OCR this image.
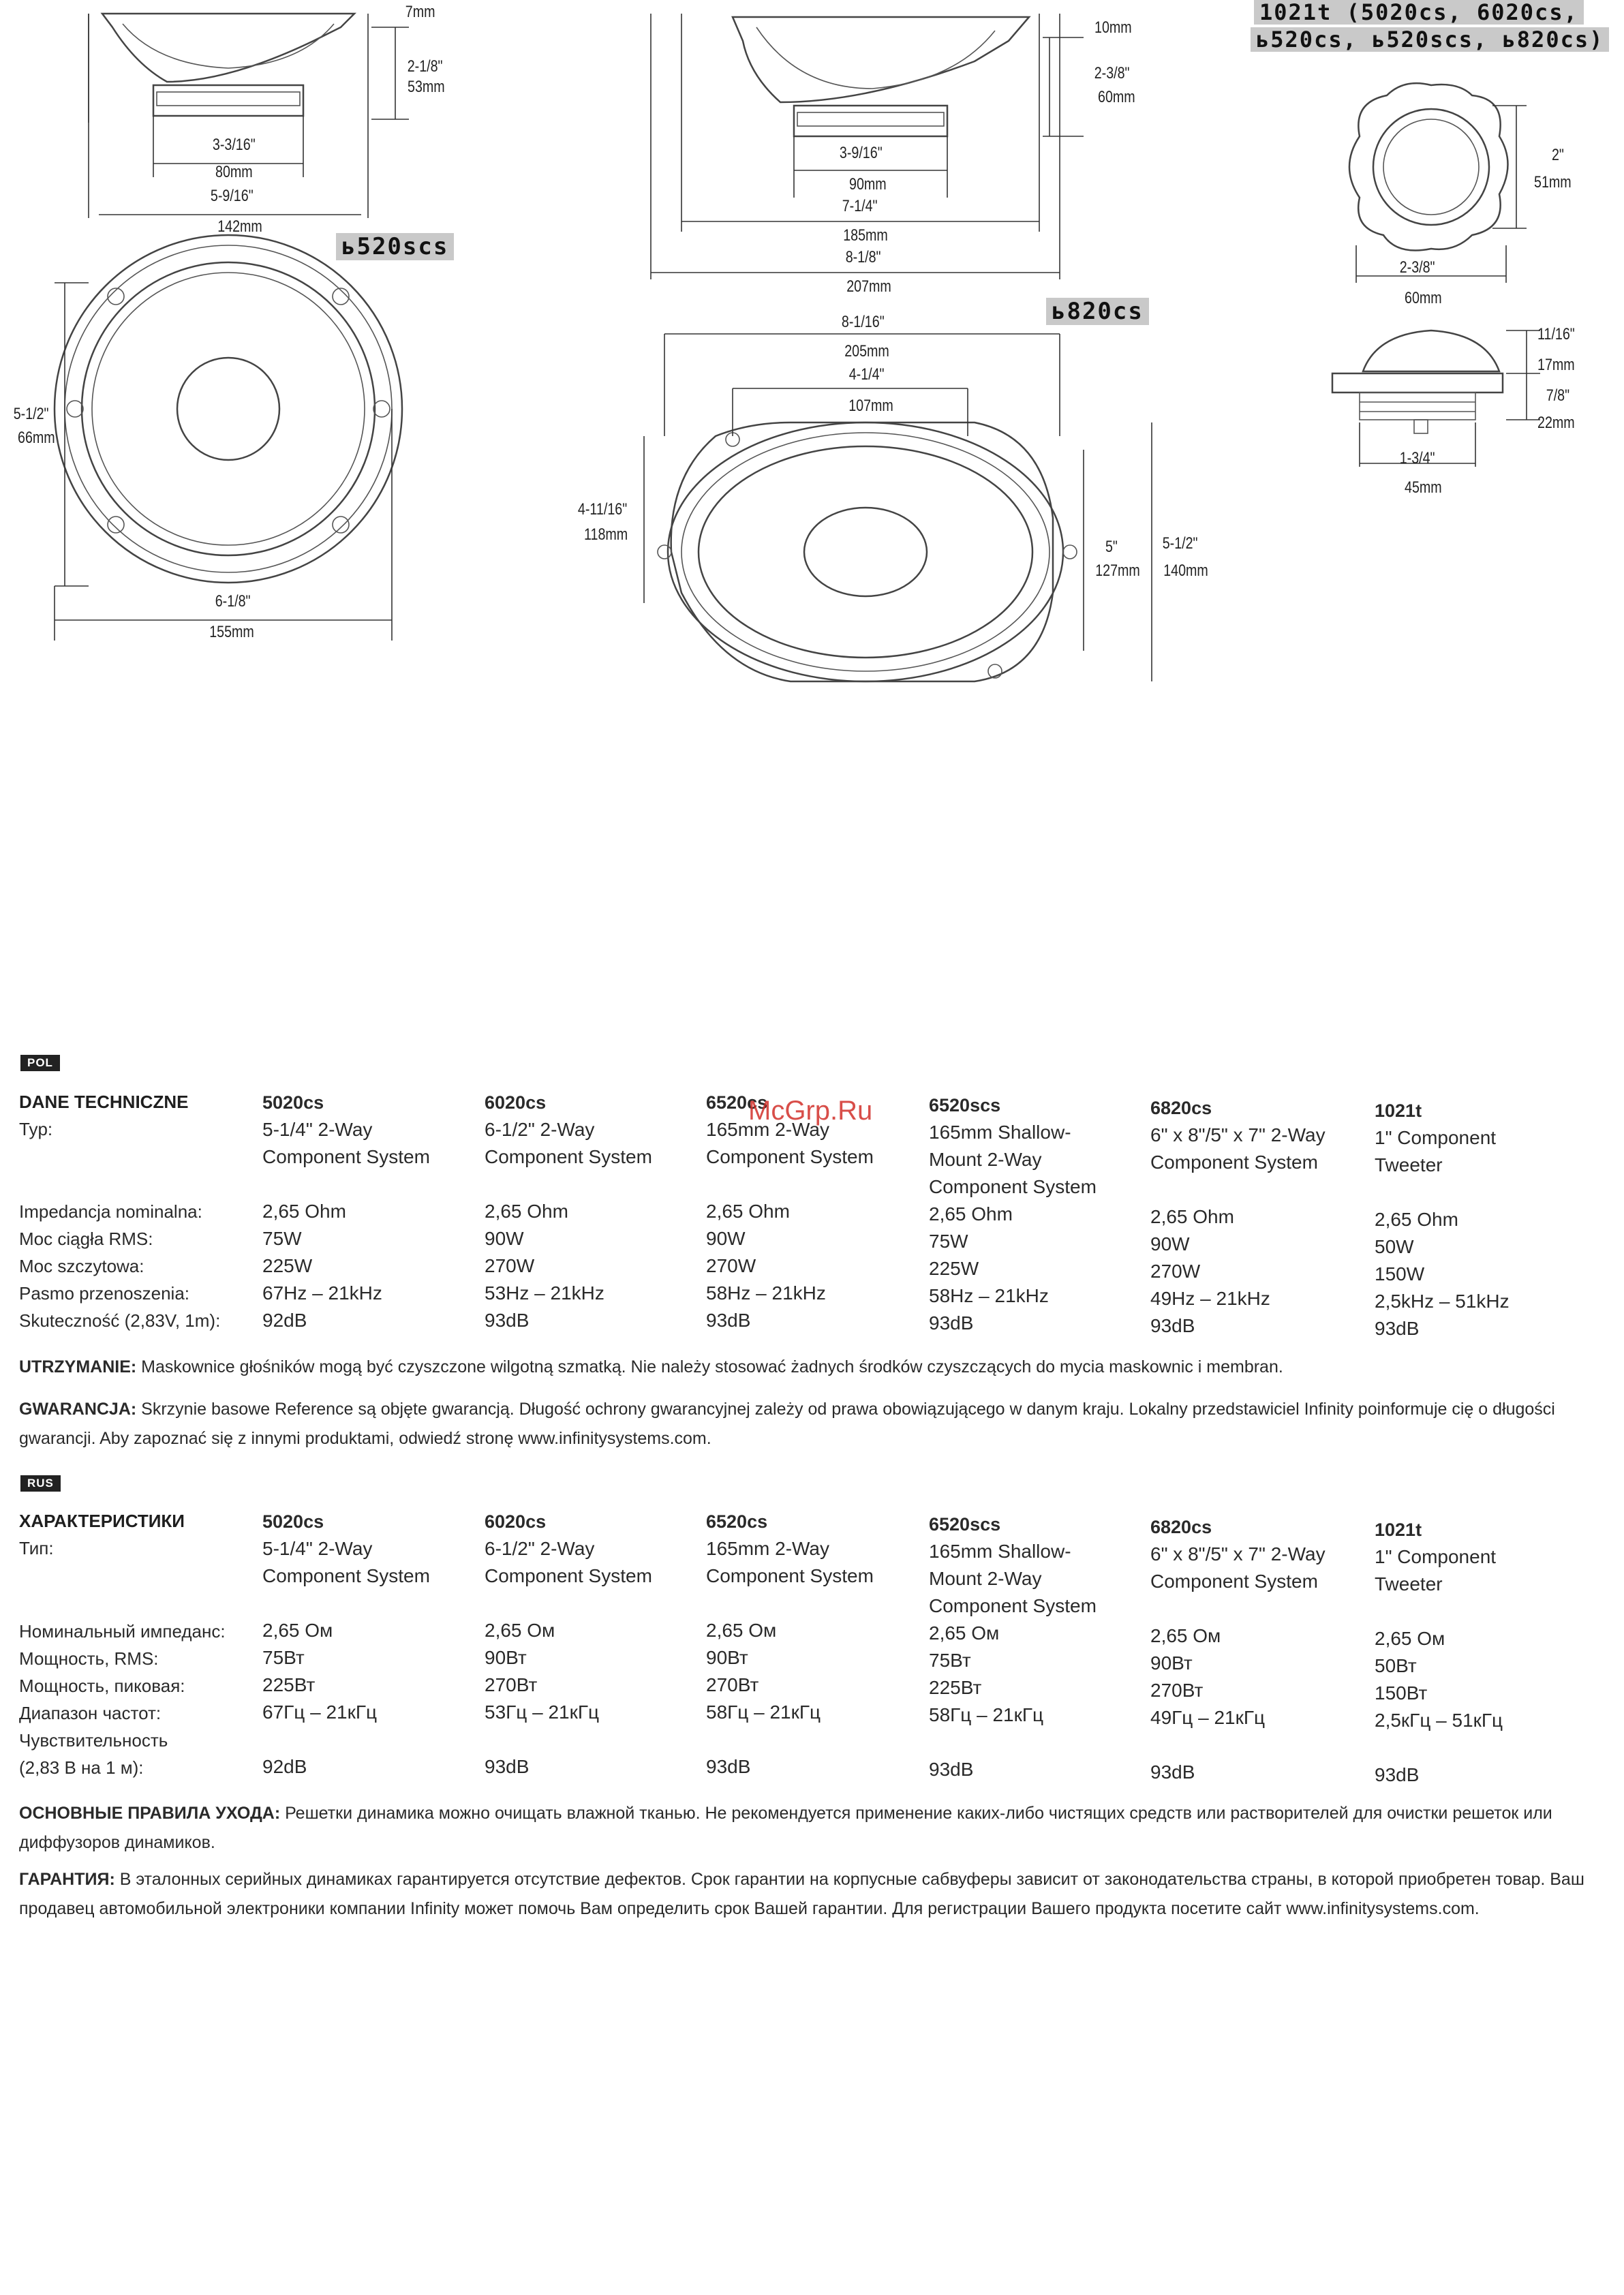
7mm
2-1/8"
53mm
3-3/16"
80mm
5-9/16"
142mm
ь520scs
5-1/2"
66mm
6-1/8"
155mm
10mm
2-3/8"
60mm
3-9/16"
90mm
7-1/4"
185mm
8-1/8"
207mm
ь820cs
8-1/16"
205mm
4-1/4"
107mm
4-11/16"
118mm
5"
127mm
5-1/2"
140mm
1021t (5020cs, 6020cs,
ь520cs, ь520scs, ь820cs)
2"
51mm
2-3/8"
60mm
11/16"
17mm
7/8"
22mm
1-3/4"
45mm
POL
DANE TECHNICZNE
Typ:
Impedancja nominalna:
Moc ciągła RMS:
Moc szczytowa:
Pasmo przenoszenia:
Skuteczność (2,83V, 1m):
5020cs
5-1/4" 2-Way
Component System
2,65 Ohm
75W
225W
67Hz – 21kHz
92dB
6020cs
6-1/2" 2-Way
Component System
2,65 Ohm
90W
270W
53Hz – 21kHz
93dB
6520cs
165mm 2-Way
Component System
2,65 Ohm
90W
270W
58Hz – 21kHz
93dB
6520scs
165mm Shallow-
Mount 2-Way
Component System
2,65 Ohm
75W
225W
58Hz – 21kHz
93dB
6820cs
6" x 8"/5" x 7" 2-Way
Component System
2,65 Ohm
90W
270W
49Hz – 21kHz
93dB
1021t
1" Component
Tweeter
2,65 Ohm
50W
150W
2,5kHz – 51kHz
93dB
McGrp.Ru
UTRZYMANIE: Maskownice głośników mogą być czyszczone wilgotną szmatką. Nie należy stosować żadnych środków czyszczących do mycia maskownic i membran.
GWARANCJA: Skrzynie basowe Reference są objęte gwarancją. Długość ochrony gwarancyjnej zależy od prawa obowiązującego w danym kraju. Lokalny przedstawiciel Infinity poinformuje cię o długości gwarancji. Aby zapoznać się z innymi produktami, odwiedź stronę www.infinitysystems.com.
RUS
ХАРАКТЕРИСТИКИ
Тип:
Номинальный импеданс:
Мощность, RMS:
Мощность, пиковая:
Диапазон частот:
Чувствительность
(2,83 В на 1 м):
5020cs
5-1/4" 2-Way
Component System
2,65 Ом
75Вт
225Вт
67Гц – 21кГц
92dB
6020cs
6-1/2" 2-Way
Component System
2,65 Ом
90Вт
270Вт
53Гц – 21кГц
93dB
6520cs
165mm 2-Way
Component System
2,65 Ом
90Вт
270Вт
58Гц – 21кГц
93dB
6520scs
165mm Shallow-
Mount 2-Way
Component System
2,65 Ом
75Вт
225Вт
58Гц – 21кГц
93dB
6820cs
6" x 8"/5" x 7" 2-Way
Component System
2,65 Ом
90Вт
270Вт
49Гц – 21кГц
93dB
1021t
1" Component
Tweeter
2,65 Ом
50Вт
150Вт
2,5кГц – 51кГц
93dB
ОСНОВНЫЕ ПРАВИЛА УХОДА: Решетки динамика можно очищать влажной тканью. Не рекомендуется применение каких-либо чистящих средств или растворителей для очистки решеток или диффузоров динамиков.
ГАРАНТИЯ: В эталонных серийных динамиках гарантируется отсутствие дефектов. Срок гарантии на корпусные сабвуферы зависит от законодательства страны, в которой приобретен товар. Ваш продавец автомобильной электроники компании Infinity может помочь Вам определить срок Вашей гарантии. Для регистрации Вашего продукта посетите сайт www.infinitysystems.com.
